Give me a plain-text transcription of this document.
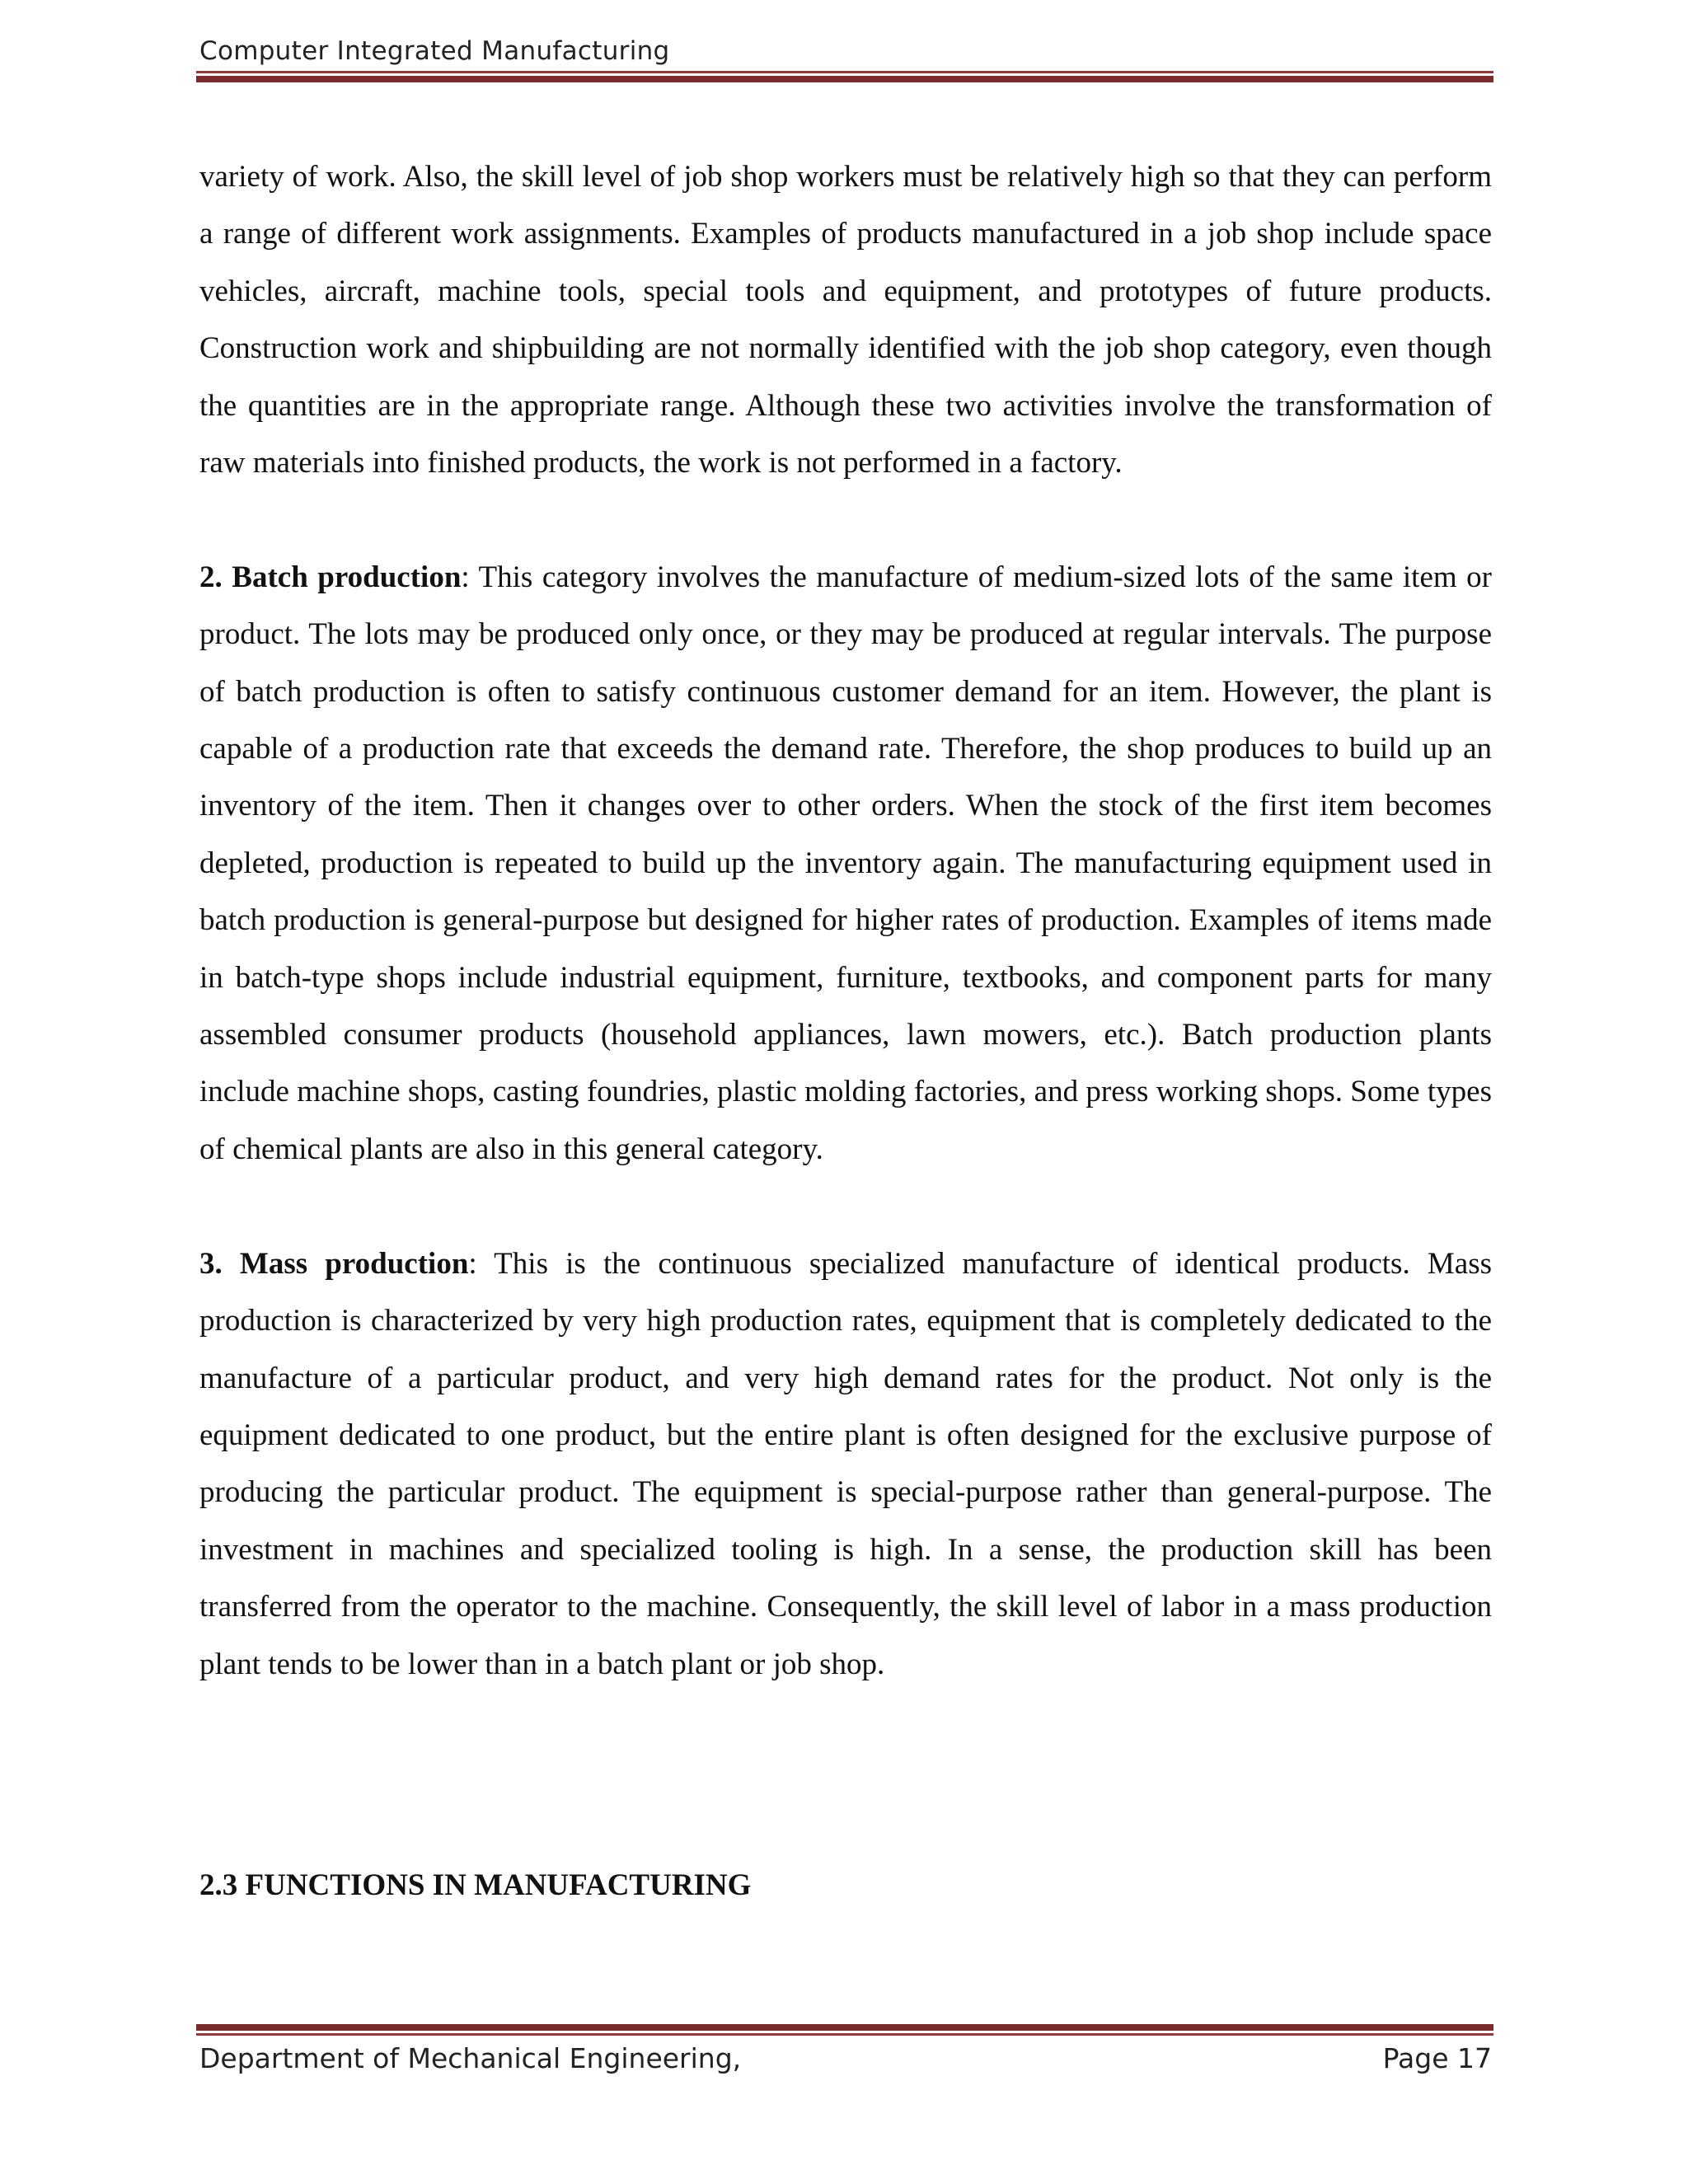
Computer Integrated Manufacturing

variety of work. Also, the skill level of job shop workers must be relatively high so that they can perform a range of different work assignments. Examples of products manufactured in a job shop include space vehicles, aircraft, machine tools, special tools and equipment, and prototypes of future products. Construction work and shipbuilding are not normally identified with the job shop category, even though the quantities are in the appropriate range. Although these two activities involve the transformation of raw materials into finished products, the work is not performed in a factory.

2. Batch production: This category involves the manufacture of medium-sized lots of the same item or product. The lots may be produced only once, or they may be produced at regular intervals. The purpose of batch production is often to satisfy continuous customer demand for an item. However, the plant is capable of a production rate that exceeds the demand rate. Therefore, the shop produces to build up an inventory of the item. Then it changes over to other orders. When the stock of the first item becomes depleted, production is repeated to build up the inventory again. The manufacturing equipment used in batch production is general-purpose but designed for higher rates of production. Examples of items made in batch-type shops include industrial equipment, furniture, textbooks, and component parts for many assembled consumer products (household appliances, lawn mowers, etc.). Batch production plants include machine shops, casting foundries, plastic molding factories, and press working shops. Some types of chemical plants are also in this general category.

3. Mass production: This is the continuous specialized manufacture of identical products. Mass production is characterized by very high production rates, equipment that is completely dedicated to the manufacture of a particular product, and very high demand rates for the product. Not only is the equipment dedicated to one product, but the entire plant is often designed for the exclusive purpose of producing the particular product. The equipment is special-purpose rather than general-purpose. The investment in machines and specialized tooling is high. In a sense, the production skill has been transferred from the operator to the machine. Consequently, the skill level of labor in a mass production plant tends to be lower than in a batch plant or job shop.

2.3 FUNCTIONS IN MANUFACTURING
Department of Mechanical Engineering,	Page 17
